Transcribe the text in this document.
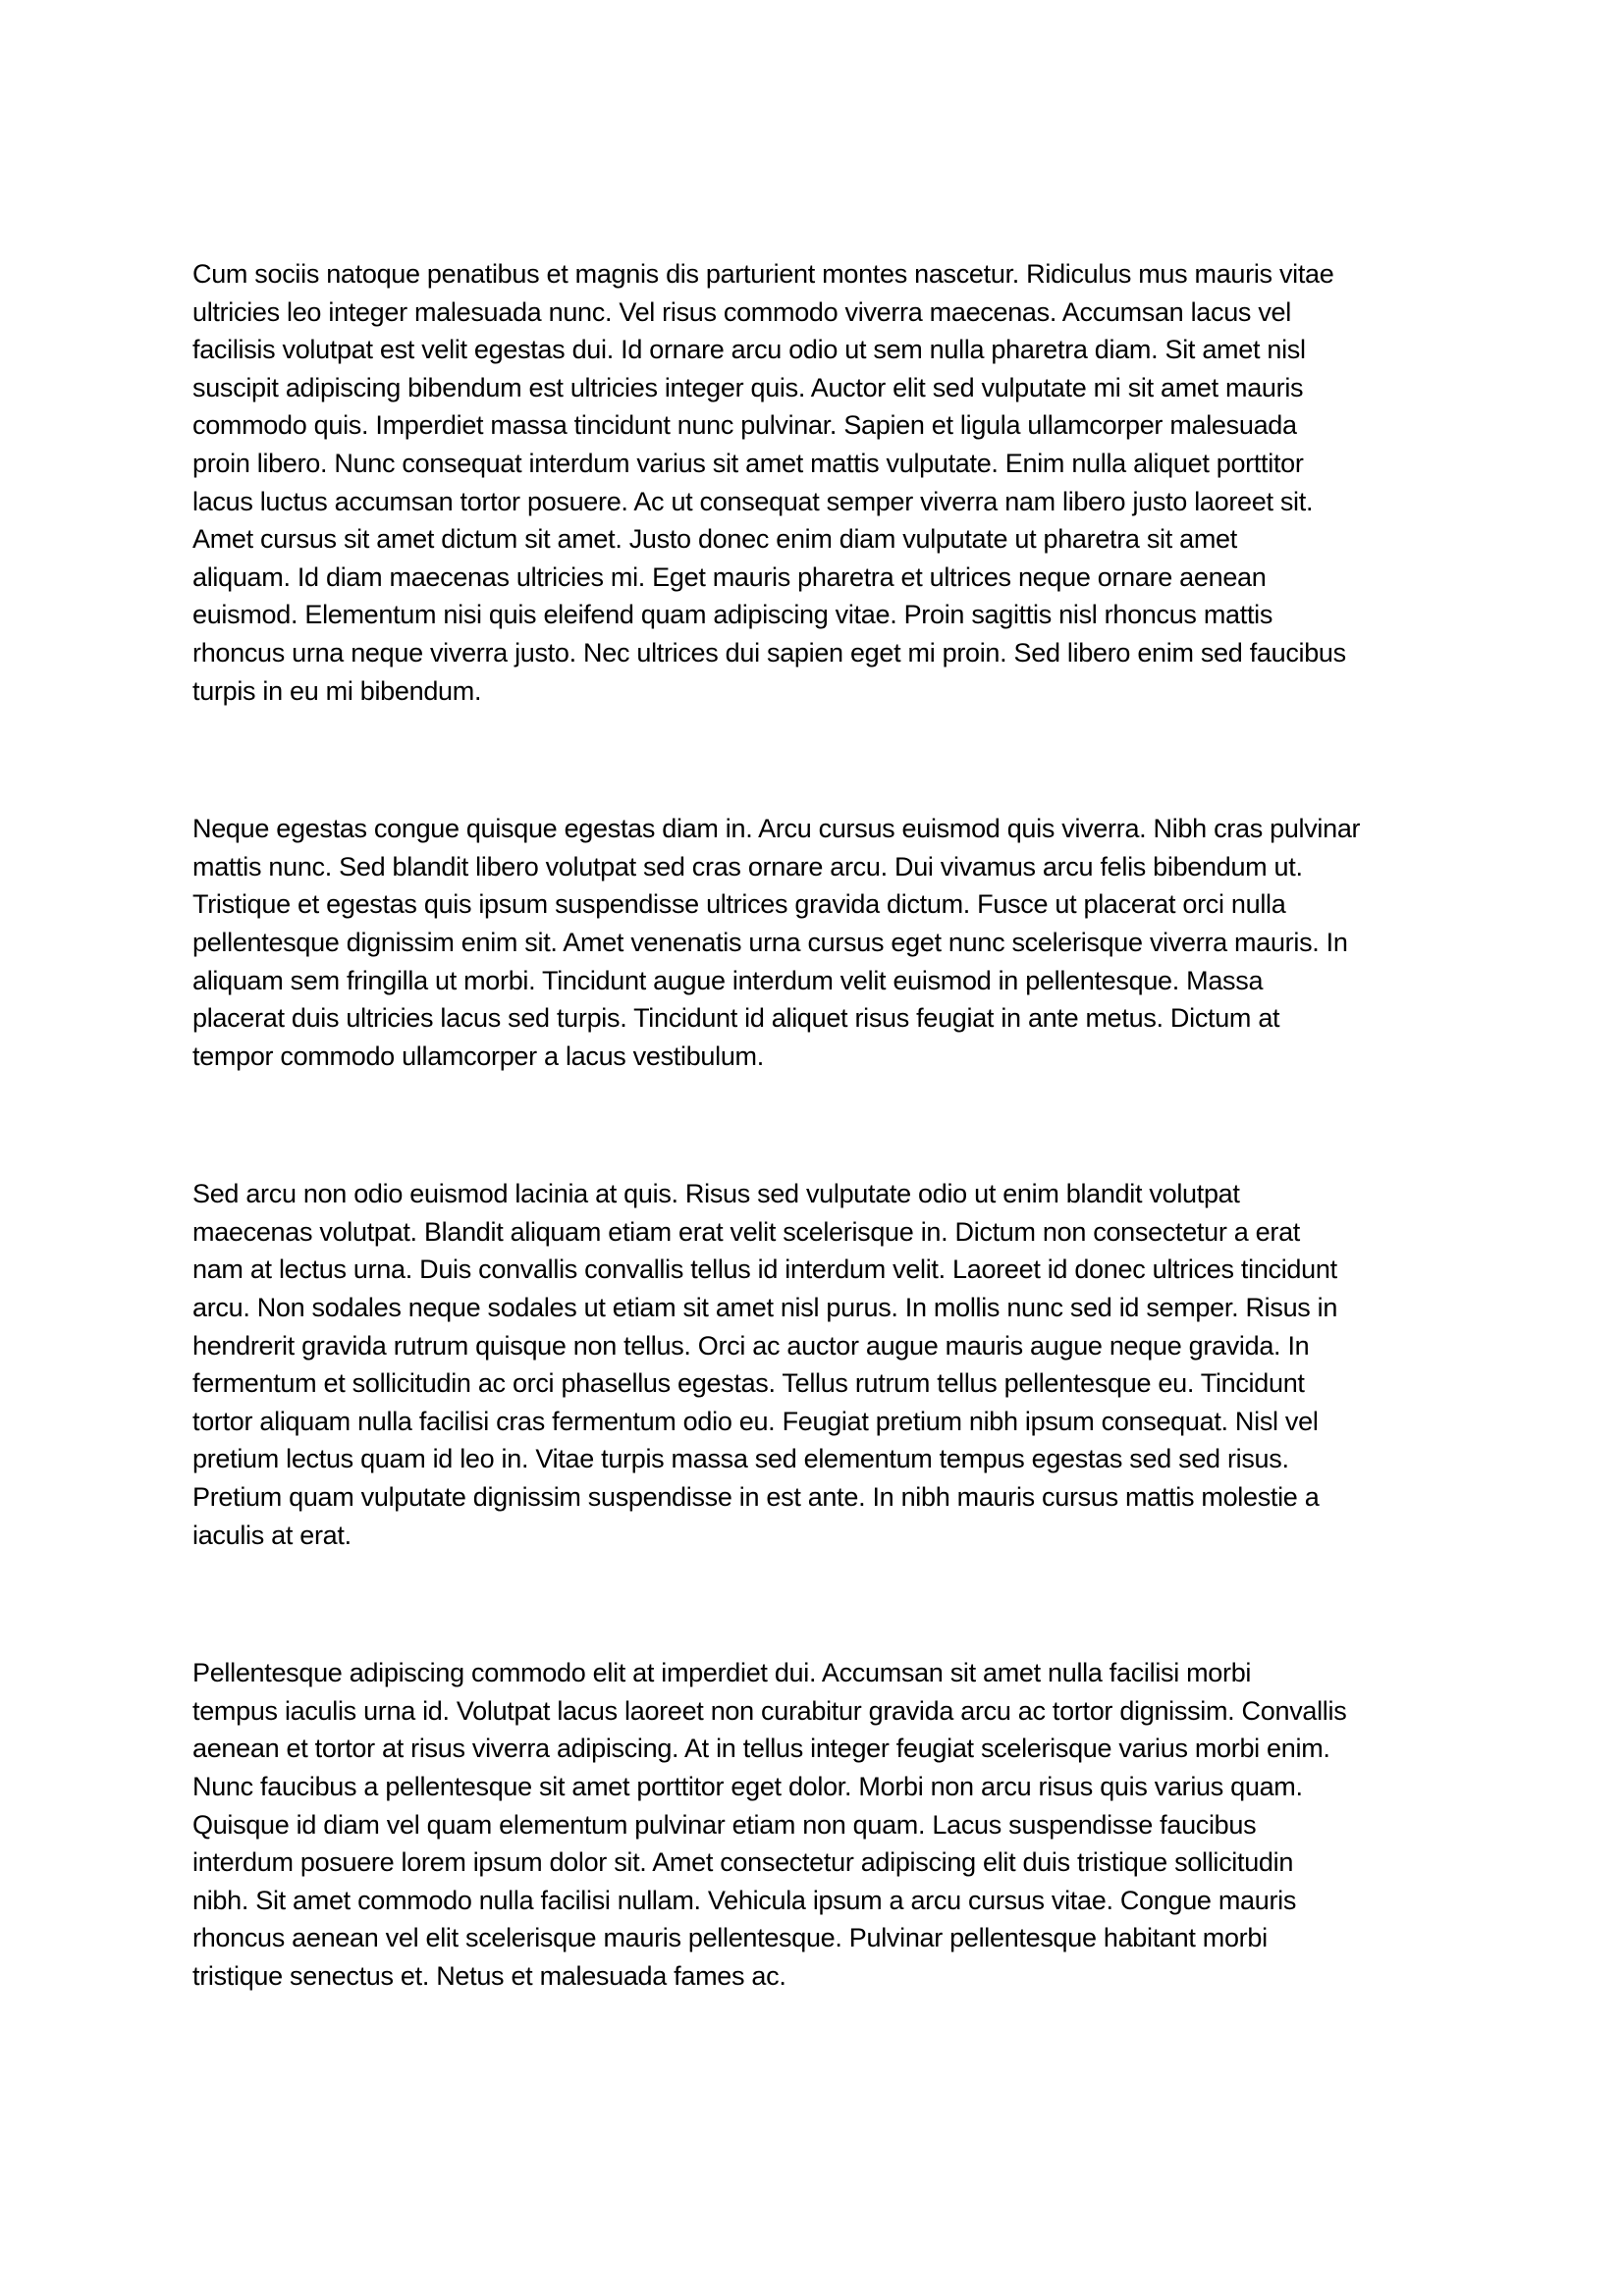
Cum sociis natoque penatibus et magnis dis parturient montes nascetur. Ridiculus mus mauris vitae
ultricies leo integer malesuada nunc. Vel risus commodo viverra maecenas. Accumsan lacus vel
facilisis volutpat est velit egestas dui. Id ornare arcu odio ut sem nulla pharetra diam. Sit amet nisl
suscipit adipiscing bibendum est ultricies integer quis. Auctor elit sed vulputate mi sit amet mauris
commodo quis. Imperdiet massa tincidunt nunc pulvinar. Sapien et ligula ullamcorper malesuada
proin libero. Nunc consequat interdum varius sit amet mattis vulputate. Enim nulla aliquet porttitor
lacus luctus accumsan tortor posuere. Ac ut consequat semper viverra nam libero justo laoreet sit.
Amet cursus sit amet dictum sit amet. Justo donec enim diam vulputate ut pharetra sit amet
aliquam. Id diam maecenas ultricies mi. Eget mauris pharetra et ultrices neque ornare aenean
euismod. Elementum nisi quis eleifend quam adipiscing vitae. Proin sagittis nisl rhoncus mattis
rhoncus urna neque viverra justo. Nec ultrices dui sapien eget mi proin. Sed libero enim sed faucibus
turpis in eu mi bibendum.

Neque egestas congue quisque egestas diam in. Arcu cursus euismod quis viverra. Nibh cras pulvinar
mattis nunc. Sed blandit libero volutpat sed cras ornare arcu. Dui vivamus arcu felis bibendum ut.
Tristique et egestas quis ipsum suspendisse ultrices gravida dictum. Fusce ut placerat orci nulla
pellentesque dignissim enim sit. Amet venenatis urna cursus eget nunc scelerisque viverra mauris. In
aliquam sem fringilla ut morbi. Tincidunt augue interdum velit euismod in pellentesque. Massa
placerat duis ultricies lacus sed turpis. Tincidunt id aliquet risus feugiat in ante metus. Dictum at
tempor commodo ullamcorper a lacus vestibulum.

Sed arcu non odio euismod lacinia at quis. Risus sed vulputate odio ut enim blandit volutpat
maecenas volutpat. Blandit aliquam etiam erat velit scelerisque in. Dictum non consectetur a erat
nam at lectus urna. Duis convallis convallis tellus id interdum velit. Laoreet id donec ultrices tincidunt
arcu. Non sodales neque sodales ut etiam sit amet nisl purus. In mollis nunc sed id semper. Risus in
hendrerit gravida rutrum quisque non tellus. Orci ac auctor augue mauris augue neque gravida. In
fermentum et sollicitudin ac orci phasellus egestas. Tellus rutrum tellus pellentesque eu. Tincidunt
tortor aliquam nulla facilisi cras fermentum odio eu. Feugiat pretium nibh ipsum consequat. Nisl vel
pretium lectus quam id leo in. Vitae turpis massa sed elementum tempus egestas sed sed risus.
Pretium quam vulputate dignissim suspendisse in est ante. In nibh mauris cursus mattis molestie a
iaculis at erat.

Pellentesque adipiscing commodo elit at imperdiet dui. Accumsan sit amet nulla facilisi morbi
tempus iaculis urna id. Volutpat lacus laoreet non curabitur gravida arcu ac tortor dignissim. Convallis
aenean et tortor at risus viverra adipiscing. At in tellus integer feugiat scelerisque varius morbi enim.
Nunc faucibus a pellentesque sit amet porttitor eget dolor. Morbi non arcu risus quis varius quam.
Quisque id diam vel quam elementum pulvinar etiam non quam. Lacus suspendisse faucibus
interdum posuere lorem ipsum dolor sit. Amet consectetur adipiscing elit duis tristique sollicitudin
nibh. Sit amet commodo nulla facilisi nullam. Vehicula ipsum a arcu cursus vitae. Congue mauris
rhoncus aenean vel elit scelerisque mauris pellentesque. Pulvinar pellentesque habitant morbi
tristique senectus et. Netus et malesuada fames ac.
